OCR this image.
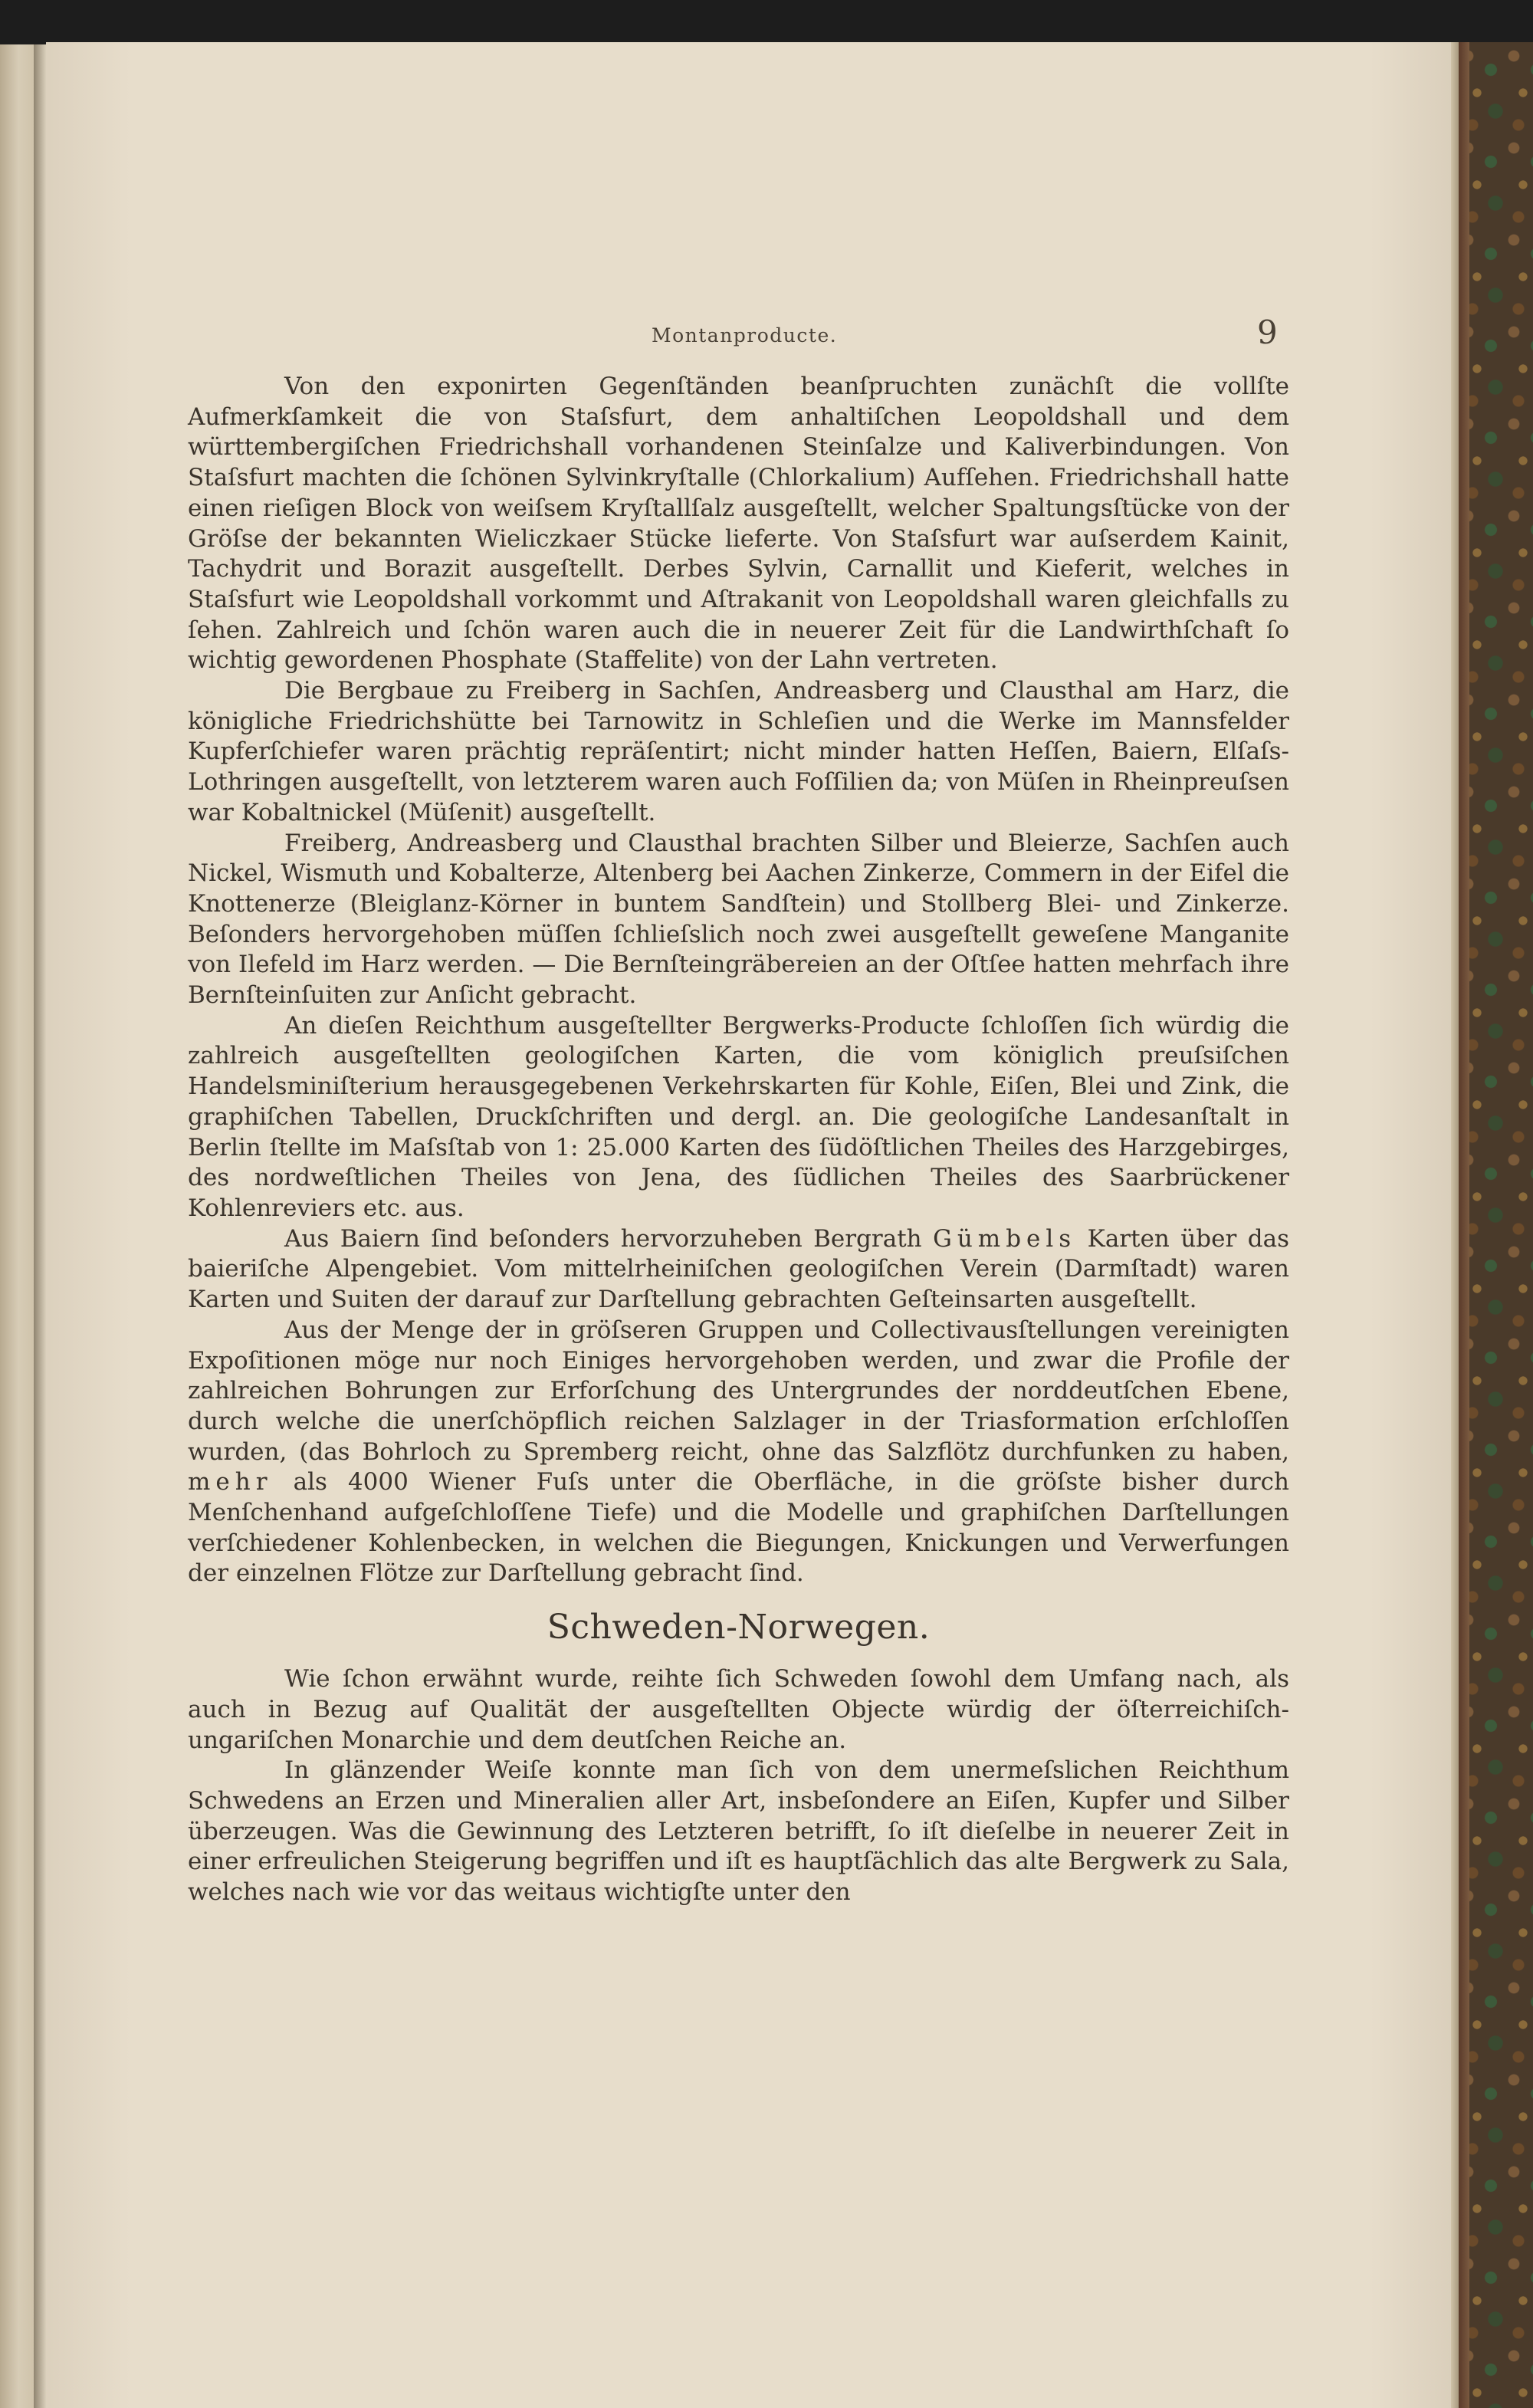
Montanproducte.	9

Von den exponirten Gegenſtänden beanſpruchten zunächſt die vollſte Aufmerkſamkeit die von Staſsfurt, dem anhaltiſchen Leopoldshall und dem württembergiſchen Friedrichshall vorhandenen Steinſalze und Kaliverbindungen. Von Staſsfurt machten die ſchönen Sylvinkryſtalle (Chlorkalium) Aufſehen. Friedrichshall hatte einen rieſigen Block von weiſsem Kryſtallſalz ausgeſtellt, welcher Spaltungsſtücke von der Gröſse der bekannten Wieliczkaer Stücke lieferte. Von Staſsfurt war auſserdem Kainit, Tachydrit und Borazit ausgeſtellt. Derbes Sylvin, Carnallit und Kieferit, welches in Staſsfurt wie Leopoldshall vorkommt und Aſtrakanit von Leopoldshall waren gleichfalls zu ſehen. Zahlreich und ſchön waren auch die in neuerer Zeit für die Landwirthſchaft ſo wichtig gewordenen Phosphate (Staffelite) von der Lahn vertreten.

Die Bergbaue zu Freiberg in Sachſen, Andreasberg und Clausthal am Harz, die königliche Friedrichshütte bei Tarnowitz in Schleſien und die Werke im Mannsfelder Kupferſchiefer waren prächtig repräſentirt; nicht minder hatten Heſſen, Baiern, Elſaſs-Lothringen ausgeſtellt, von letzterem waren auch Foſſilien da; von Müſen in Rheinpreuſsen war Kobaltnickel (Müſenit) ausgeſtellt.

Freiberg, Andreasberg und Clausthal brachten Silber und Bleierze, Sachſen auch Nickel, Wismuth und Kobalterze, Altenberg bei Aachen Zinkerze, Commern in der Eifel die Knottenerze (Bleiglanz-Körner in buntem Sandſtein) und Stollberg Blei- und Zinkerze. Beſonders hervorgehoben müſſen ſchlieſslich noch zwei ausgeſtellt geweſene Manganite von Ilefeld im Harz werden. — Die Bernſteingräbereien an der Oſtſee hatten mehrfach ihre Bernſteinſuiten zur Anſicht gebracht.

An dieſen Reichthum ausgeſtellter Bergwerks-Producte ſchloſſen ſich würdig die zahlreich ausgeſtellten geologiſchen Karten, die vom königlich preuſsiſchen Handelsminiſterium herausgegebenen Verkehrskarten für Kohle, Eiſen, Blei und Zink, die graphiſchen Tabellen, Druckſchriften und dergl. an. Die geologiſche Landesanſtalt in Berlin ſtellte im Maſsſtab von 1: 25.000 Karten des ſüdöſtlichen Theiles des Harzgebirges, des nordweſtlichen Theiles von Jena, des ſüdlichen Theiles des Saarbrückener Kohlenreviers etc. aus.

Aus Baiern ſind beſonders hervorzuheben Bergrath Gümbels Karten über das baieriſche Alpengebiet. Vom mittelrheiniſchen geologiſchen Verein (Darmſtadt) waren Karten und Suiten der darauf zur Darſtellung gebrachten Geſteinsarten ausgeſtellt.

Aus der Menge der in gröſseren Gruppen und Collectivausſtellungen vereinigten Expoſitionen möge nur noch Einiges hervorgehoben werden, und zwar die Profile der zahlreichen Bohrungen zur Erforſchung des Untergrundes der norddeutſchen Ebene, durch welche die unerſchöpflich reichen Salzlager in der Triasformation erſchloſſen wurden, (das Bohrloch zu Spremberg reicht, ohne das Salzflötz durchfunken zu haben, mehr als 4000 Wiener Fuſs unter die Oberfläche, in die gröſste bisher durch Menſchenhand aufgeſchloſſene Tiefe) und die Modelle und graphiſchen Darſtellungen verſchiedener Kohlenbecken, in welchen die Biegungen, Knickungen und Verwerfungen der einzelnen Flötze zur Darſtellung gebracht ſind.

Schweden-Norwegen.

Wie ſchon erwähnt wurde, reihte ſich Schweden ſowohl dem Umfang nach, als auch in Bezug auf Qualität der ausgeſtellten Objecte würdig der öſterreichiſch-ungariſchen Monarchie und dem deutſchen Reiche an.

In glänzender Weiſe konnte man ſich von dem unermeſslichen Reichthum Schwedens an Erzen und Mineralien aller Art, insbeſondere an Eiſen, Kupfer und Silber überzeugen. Was die Gewinnung des Letzteren betrifft, ſo iſt dieſelbe in neuerer Zeit in einer erfreulichen Steigerung begriffen und iſt es hauptſächlich das alte Bergwerk zu Sala, welches nach wie vor das weitaus wichtigſte unter den
